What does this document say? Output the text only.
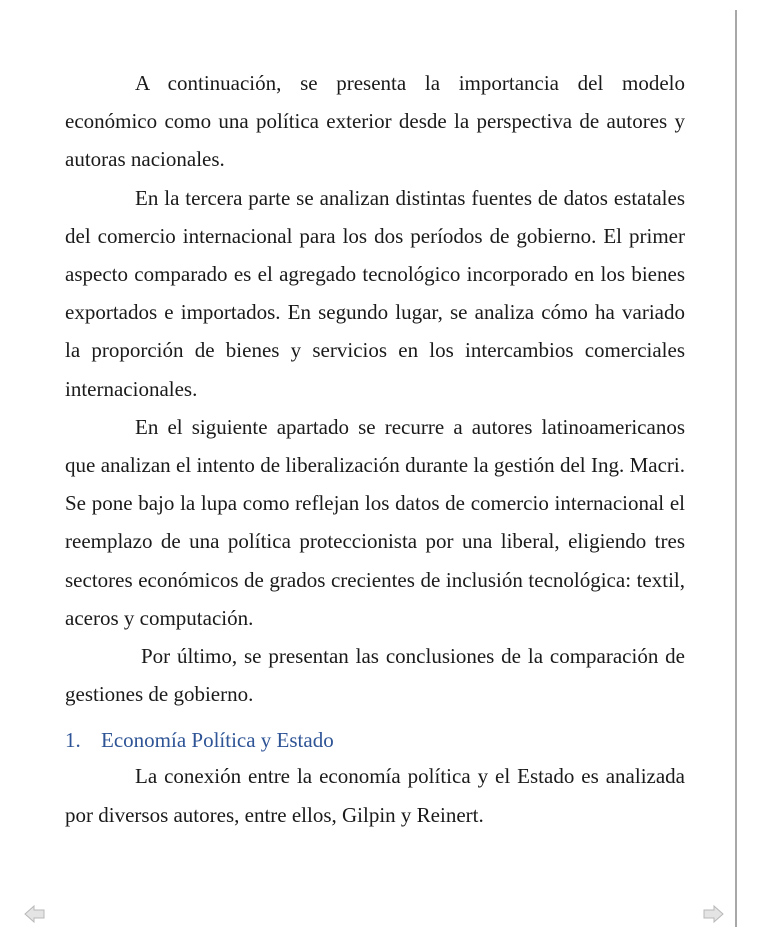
A continuación, se presenta la importancia del modelo económico como una política exterior desde la perspectiva de autores y autoras nacionales.

En la tercera parte se analizan distintas fuentes de datos estatales del comercio internacional para los dos períodos de gobierno. El primer aspecto comparado es el agregado tecnológico incorporado en los bienes exportados e importados. En segundo lugar, se analiza cómo ha variado la proporción de bienes y servicios en los intercambios comerciales internacionales.

En el siguiente apartado se recurre a autores latinoamericanos que analizan el intento de liberalización durante la gestión del Ing. Macri. Se pone bajo la lupa como reflejan los datos de comercio internacional el reemplazo de una política proteccionista por una liberal, eligiendo tres sectores económicos de grados crecientes de inclusión tecnológica: textil, aceros y computación.

Por último, se presentan las conclusiones de la comparación de gestiones de gobierno.

1. Economía Política y Estado

La conexión entre la economía política y el Estado es analizada por diversos autores, entre ellos, Gilpin y Reinert.
